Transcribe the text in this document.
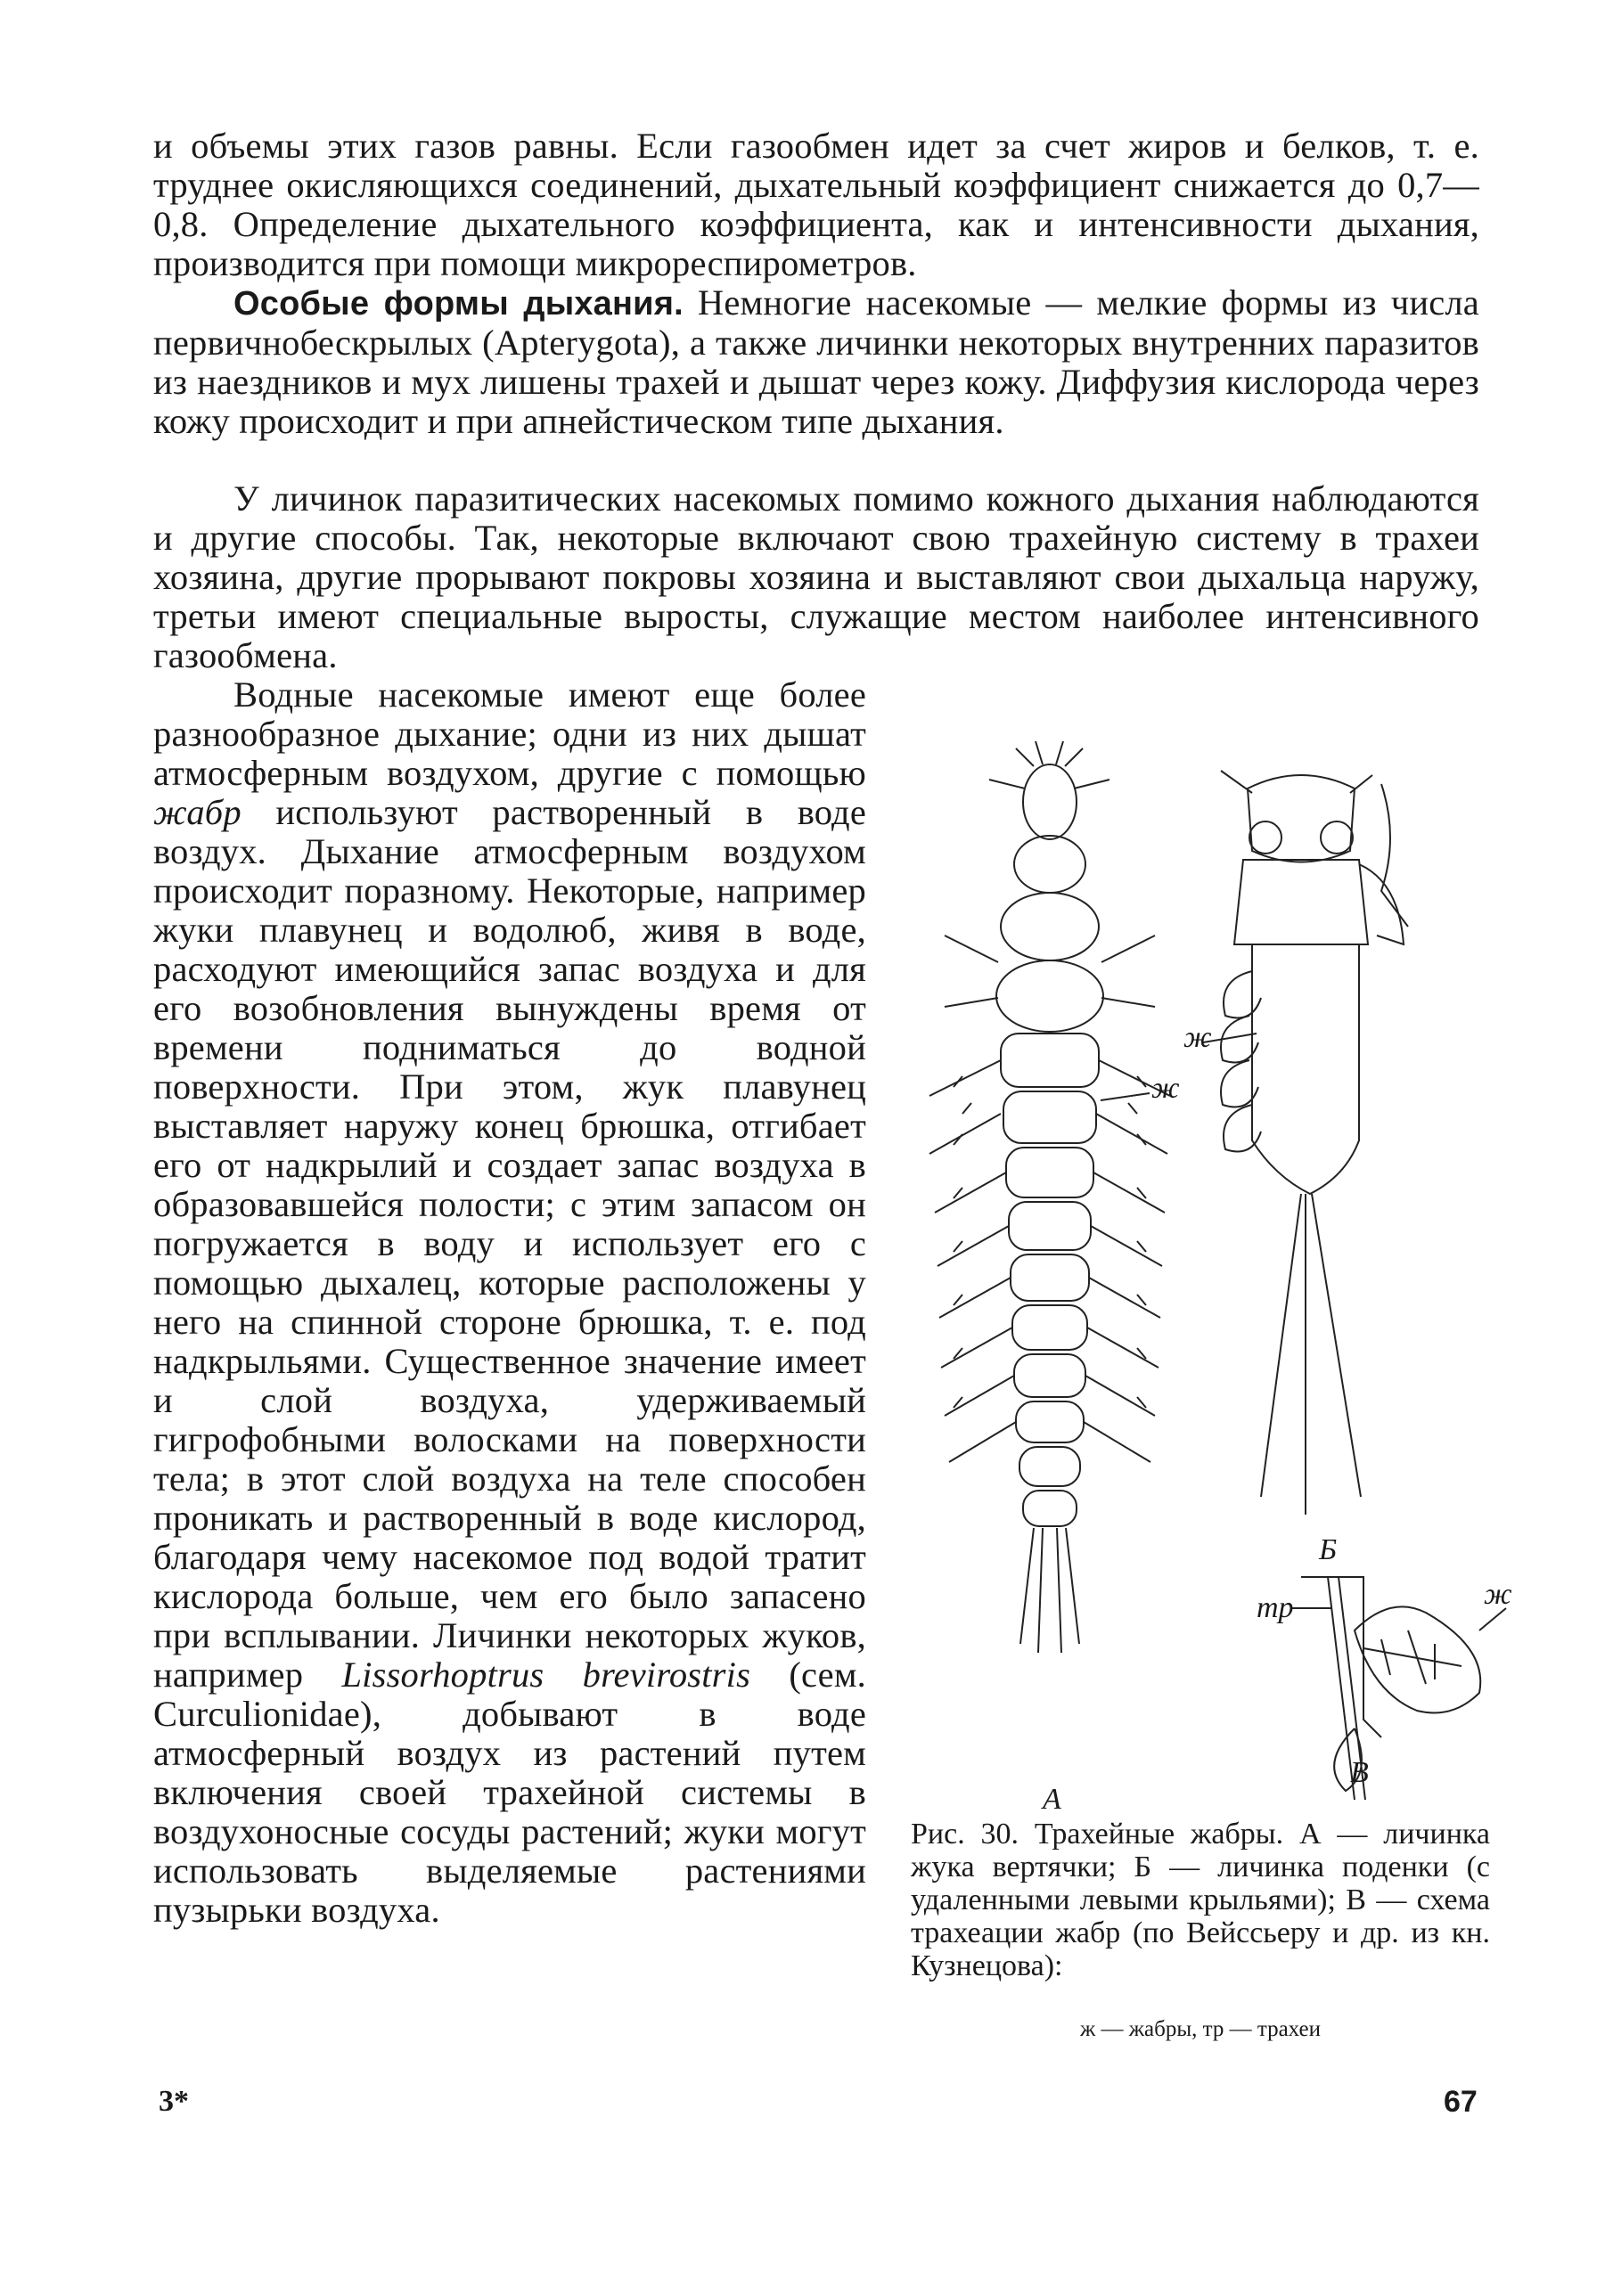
и объемы этих газов равны. Если газообмен идет за счет жиров и белков, т. е. труднее окисляющихся соединений, дыхательный коэффициент снижается до 0,7—0,8. Определение дыхательного коэффициента, как и интенсивности дыхания, производится при помощи микрореспирометров.

Особые формы дыхания. Немногие насекомые — мелкие формы из числа первичнобескрылых (Apterygota), а также личинки некоторых внутренних паразитов из наездников и мух лишены трахей и дышат через кожу. Диффузия кислорода через кожу происходит и при апнейстическом типе дыхания.

У личинок паразитических насекомых помимо кожного дыхания наблюдаются и другие способы. Так, некоторые включают свою трахейную систему в трахеи хозяина, другие прорывают покровы хозяина и выставляют свои дыхальца наружу, третьи имеют специальные выросты, служащие местом наиболее интенсивного газообмена.

Водные насекомые имеют еще более разнообразное дыхание; одни из них дышат атмосферным воздухом, другие с помощью жабр используют растворенный в воде воздух. Дыхание атмосферным воздухом происходит поразному. Некоторые, например жуки плавунец и водолюб, живя в воде, расходуют имеющийся запас воздуха и для его возобновления вынуждены время от времени подниматься до водной поверхности. При этом, жук плавунец выставляет наружу конец брюшка, отгибает его от надкрылий и создает запас воздуха в образовавшейся полости; с этим запасом он погружается в воду и использует его с помощью дыхалец, которые расположены у него на спинной стороне брюшка, т. е. под надкрыльями. Существенное значение имеет и слой воздуха, удерживаемый гигрофобными волосками на поверхности тела; в этот слой воздуха на теле способен проникать и растворенный в воде кислород, благодаря чему насекомое под водой тратит кислорода больше, чем его было запасено при всплывании. Личинки некоторых жуков, например Lissorhoptrus brevirostris (сем. Curculionidae), добывают в воде атмосферный воздух из растений путем включения своей трахейной системы в воздухоносные сосуды растений; жуки могут использовать выделяемые растениями пузырьки воздуха.

А
Б
В
ж
ж
ж
тр

Рис. 30. Трахейные жабры. А — личинка жука вертячки; Б — личинка поденки (с удаленными левыми крыльями); В — схема трахеации жабр (по Вейссьеру и др. из кн. Кузнецова):

ж — жабры, тр — трахеи

3*	67
